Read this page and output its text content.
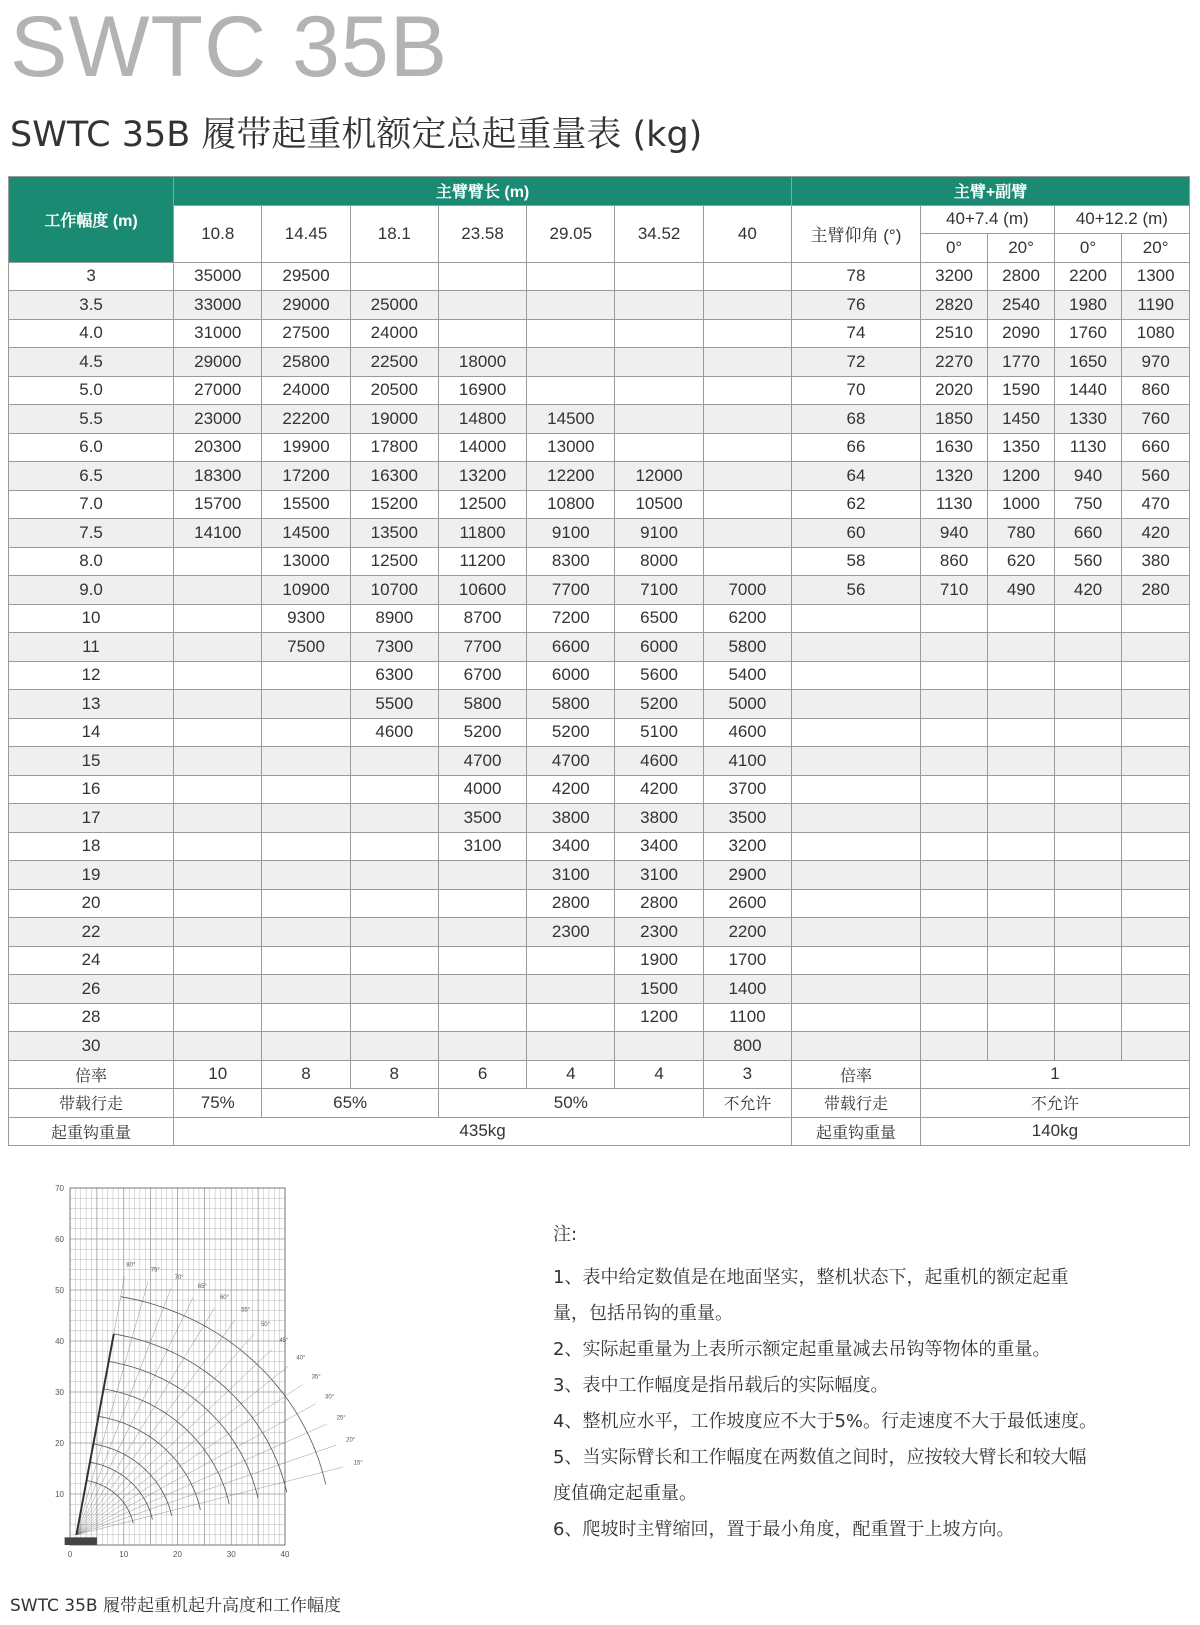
SWTC 35B
SWTC 35B 履带起重机额定总起重量表 (kg)
工作幅度 (m)	主臂臂长 (m)							主臂+副臂				
	10.8	14.45	18.1	23.58	29.05	34.52	40	主臂仰角 (°)	40+7.4 (m)		40+12.2 (m)	
									0°	20°	0°	20°
3	35000	29500						78	3200	2800	2200	1300
3.5	33000	29000	25000					76	2820	2540	1980	1190
4.0	31000	27500	24000					74	2510	2090	1760	1080
4.5	29000	25800	22500	18000				72	2270	1770	1650	970
5.0	27000	24000	20500	16900				70	2020	1590	1440	860
5.5	23000	22200	19000	14800	14500			68	1850	1450	1330	760
6.0	20300	19900	17800	14000	13000			66	1630	1350	1130	660
6.5	18300	17200	16300	13200	12200	12000		64	1320	1200	940	560
7.0	15700	15500	15200	12500	10800	10500		62	1130	1000	750	470
7.5	14100	14500	13500	11800	9100	9100		60	940	780	660	420
8.0		13000	12500	11200	8300	8000		58	860	620	560	380
9.0		10900	10700	10600	7700	7100	7000	56	710	490	420	280
10		9300	8900	8700	7200	6500	6200					
11		7500	7300	7700	6600	6000	5800					
12			6300	6700	6000	5600	5400					
13			5500	5800	5800	5200	5000					
14			4600	5200	5200	5100	4600					
15				4700	4700	4600	4100					
16				4000	4200	4200	3700					
17				3500	3800	3800	3500					
18				3100	3400	3400	3200					
19					3100	3100	2900					
20					2800	2800	2600					
22					2300	2300	2200					
24						1900	1700					
26						1500	1400					
28						1200	1100					
30							800					
倍率	10	8	8	6	4	4	3	倍率	1			
带载行走	75%	65%		50%			不允许	带载行走	不允许			
起重钩重量	435kg							起重钩重量	140kg			
70
60
50
40
30
20
10
0	10	20	30	40
80°
75°
70°
65°
60°
55°
50°
45°
40°
35°
30°
25°
20°
15°
SWTC 35B 履带起重机起升高度和工作幅度
注:
1、表中给定数值是在地面坚实，整机状态下，起重机的额定起重
量，包括吊钩的重量。
2、实际起重量为上表所示额定起重量减去吊钩等物体的重量。
3、表中工作幅度是指吊载后的实际幅度。
4、整机应水平，工作坡度应不大于5%。行走速度不大于最低速度。
5、当实际臂长和工作幅度在两数值之间时，应按较大臂长和较大幅
度值确定起重量。
6、爬坡时主臂缩回，置于最小角度，配重置于上坡方向。
